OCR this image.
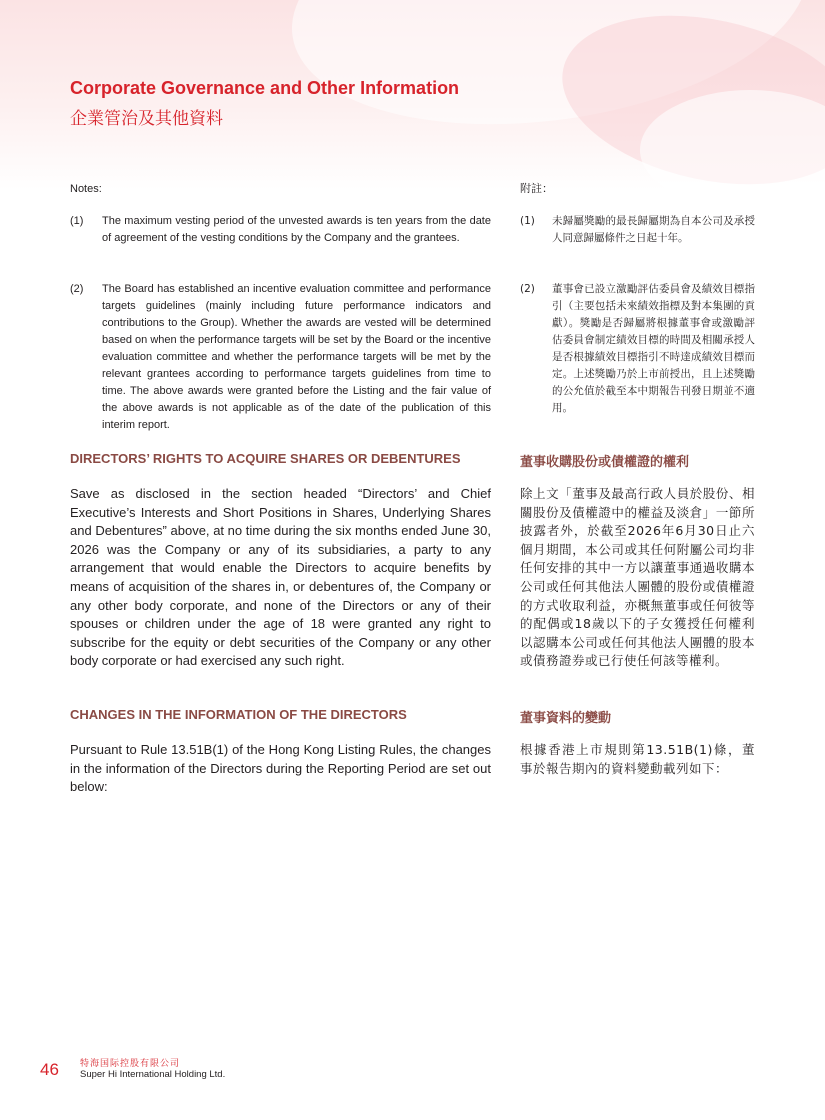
Corporate Governance and Other Information
企業管治及其他資料
Notes:	附註：
(1) The maximum vesting period of the unvested awards is ten years from the date of agreement of the vesting conditions by the Company and the grantees.
(1) 未歸屬獎勵的最長歸屬期為自本公司及承授人同意歸屬條件之日起十年。
(2) The Board has established an incentive evaluation committee and performance targets guidelines (mainly including future performance indicators and contributions to the Group). Whether the awards are vested will be determined based on when the performance targets will be set by the Board or the incentive evaluation committee and whether the performance targets will be met by the relevant grantees according to performance targets guidelines from time to time. The above awards were granted before the Listing and the fair value of the above awards is not applicable as of the date of the publication of this interim report.
(2) 董事會已設立激勵評估委員會及績效目標指引（主要包括未來績效指標及對本集團的貢獻）。獎勵是否歸屬將根據董事會或激勵評估委員會制定績效目標的時間及相關承授人是否根據績效目標指引不時達成績效目標而定。上述獎勵乃於上市前授出，且上述獎勵的公允值於截至本中期報告刊發日期並不適用。
DIRECTORS’ RIGHTS TO ACQUIRE SHARES OR DEBENTURES	董事收購股份或債權證的權利
Save as disclosed in the section headed “Directors’ and Chief Executive’s Interests and Short Positions in Shares, Underlying Shares and Debentures” above, at no time during the six months ended June 30, 2026 was the Company or any of its subsidiaries, a party to any arrangement that would enable the Directors to acquire benefits by means of acquisition of the shares in, or debentures of, the Company or any other body corporate, and none of the Directors or any of their spouses or children under the age of 18 were granted any right to subscribe for the equity or debt securities of the Company or any other body corporate or had exercised any such right.
除上文「董事及最高行政人員於股份、相關股份及債權證中的權益及淡倉」一節所披露者外，於截至2026年6月30日止六個月期間，本公司或其任何附屬公司均非任何安排的其中一方以讓董事通過收購本公司或任何其他法人團體的股份或債權證的方式收取利益，亦概無董事或任何彼等的配偶或18歲以下的子女獲授任何權利以認購本公司或任何其他法人團體的股本或債務證券或已行使任何該等權利。
CHANGES IN THE INFORMATION OF THE DIRECTORS	董事資料的變動
Pursuant to Rule 13.51B(1) of the Hong Kong Listing Rules, the changes in the information of the Directors during the Reporting Period are set out below:
根據香港上市規則第13.51B(1)條，董事於報告期內的資料變動載列如下：
46 特海国际控股有限公司
Super Hi International Holding Ltd.
